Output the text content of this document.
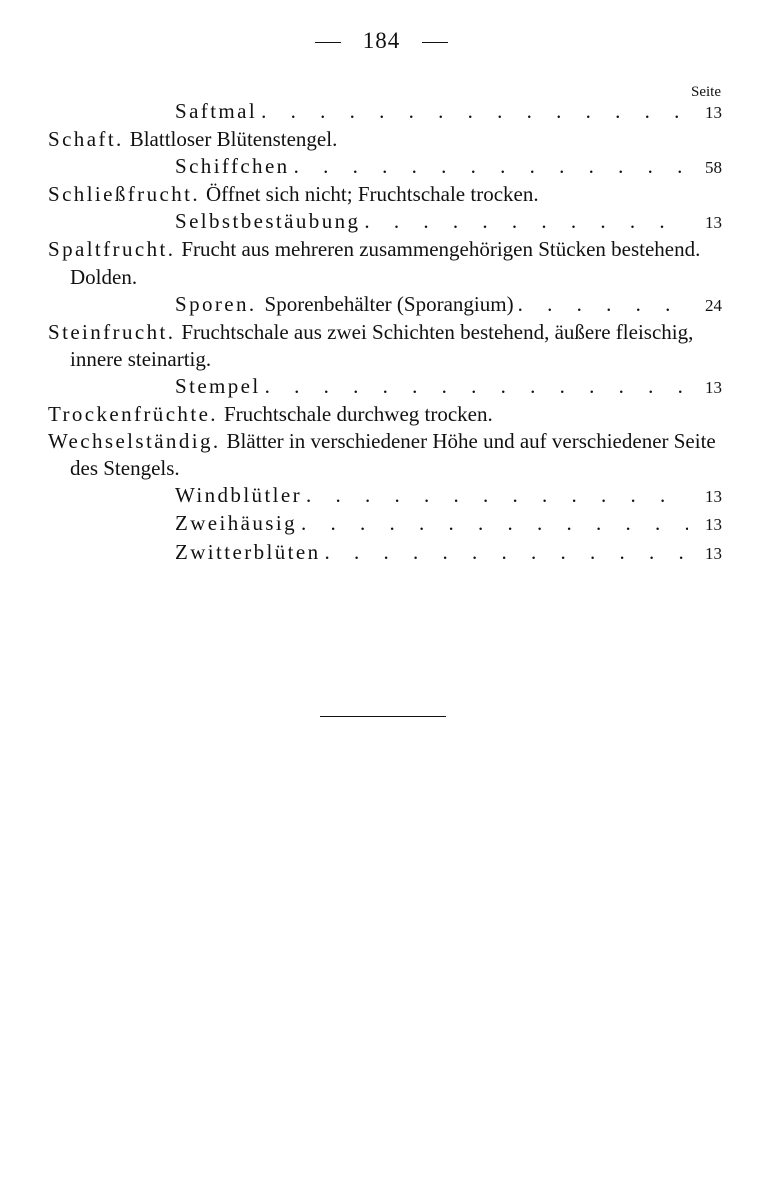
184
Seite
Saftmal . . .	13
Schaft. Blattloser Blütenstengel.
Schiffchen . . .	58
Schließfrucht. Öffnet sich nicht; Fruchtschale trocken.
Selbstbestäubung . . .	13
Spaltfrucht. Frucht aus mehreren zusammengehörigen Stücken bestehend. Dolden.
Sporen. Sporenbehälter (Sporangium) . . .	24
Steinfrucht. Fruchtschale aus zwei Schichten bestehend, äußere fleischig, innere steinartig.
Stempel . . .	13
Trockenfrüchte. Fruchtschale durchweg trocken.
Wechselständig. Blätter in verschiedener Höhe und auf verschiedener Seite des Stengels.
Windblütler . . .	13
Zweihäusig . . .	13
Zwitterblüten . . .	13
